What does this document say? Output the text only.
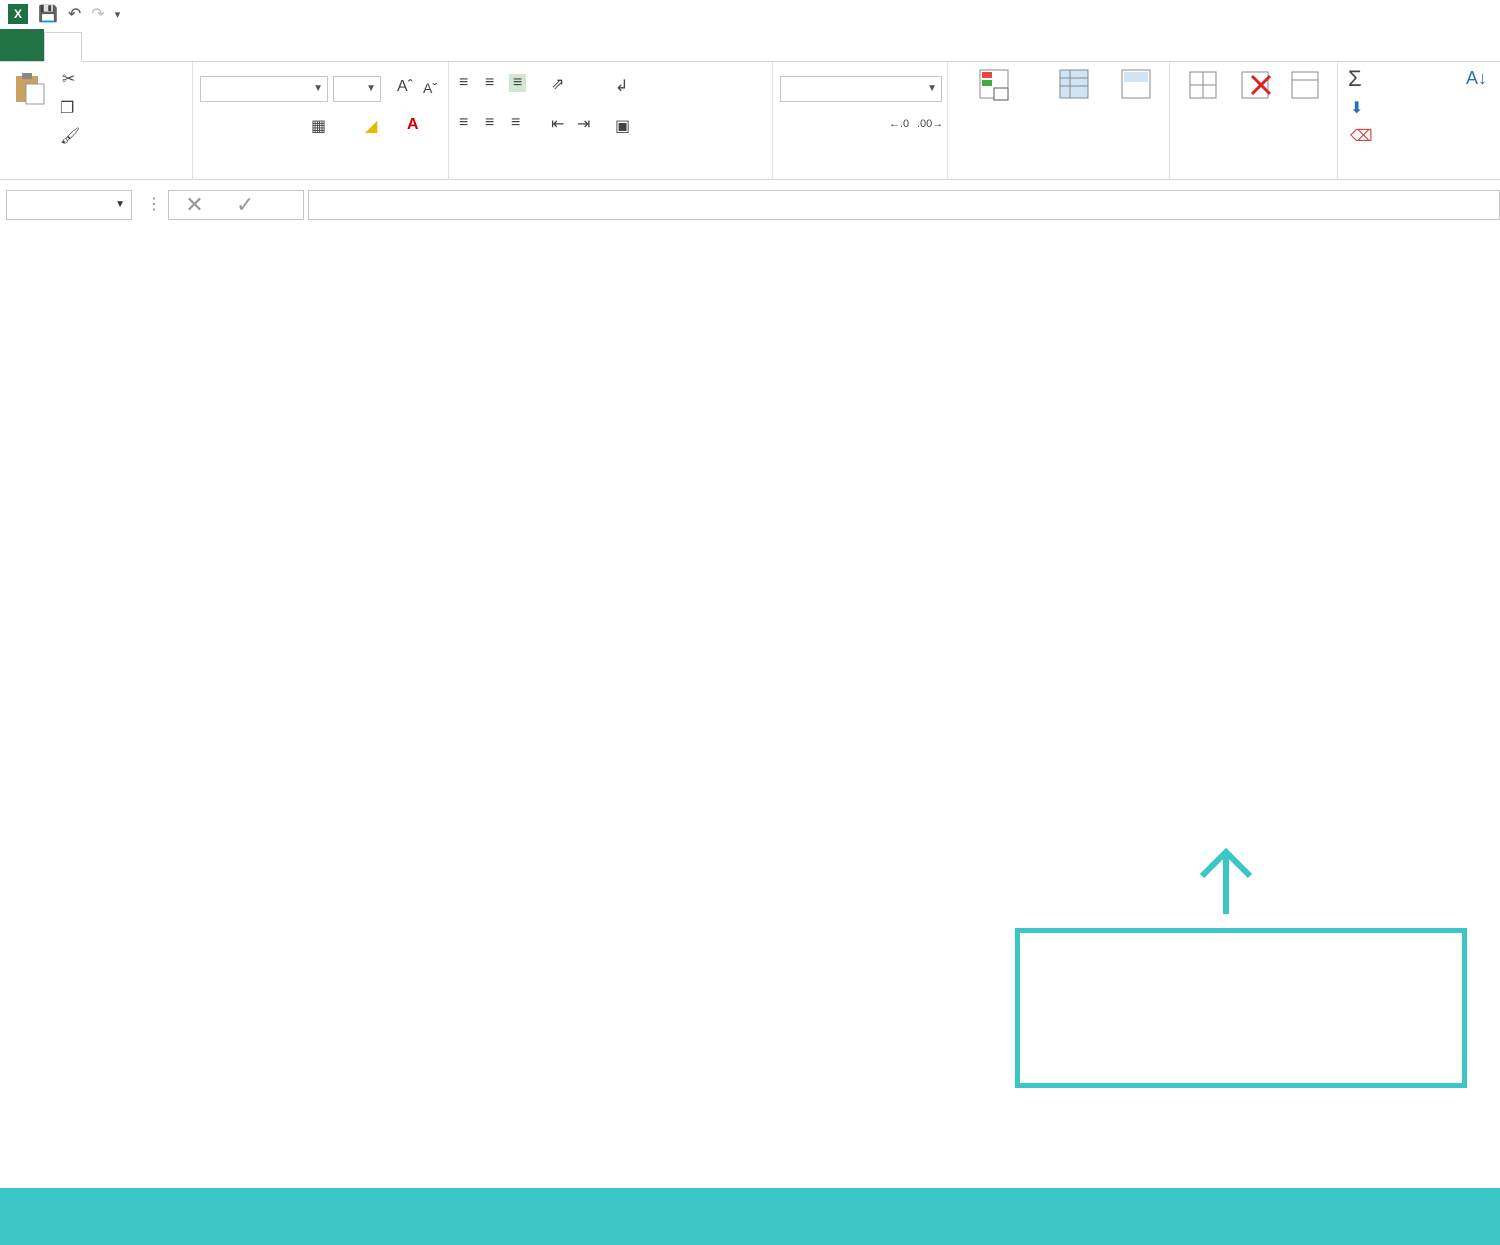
X	💾 ↶ ↷ ▾
✂
❐
🖌
▼	▼ Aˆ Aˇ
▦ ◢ A
≡ ≡ ≡ ⇗
≡ ≡ ≡ ⇤ ⇥
↲
▣
▼
←.0 .00→
Σ
⬇
⌫
A↓
▼ ⋮ ✕ ✓
